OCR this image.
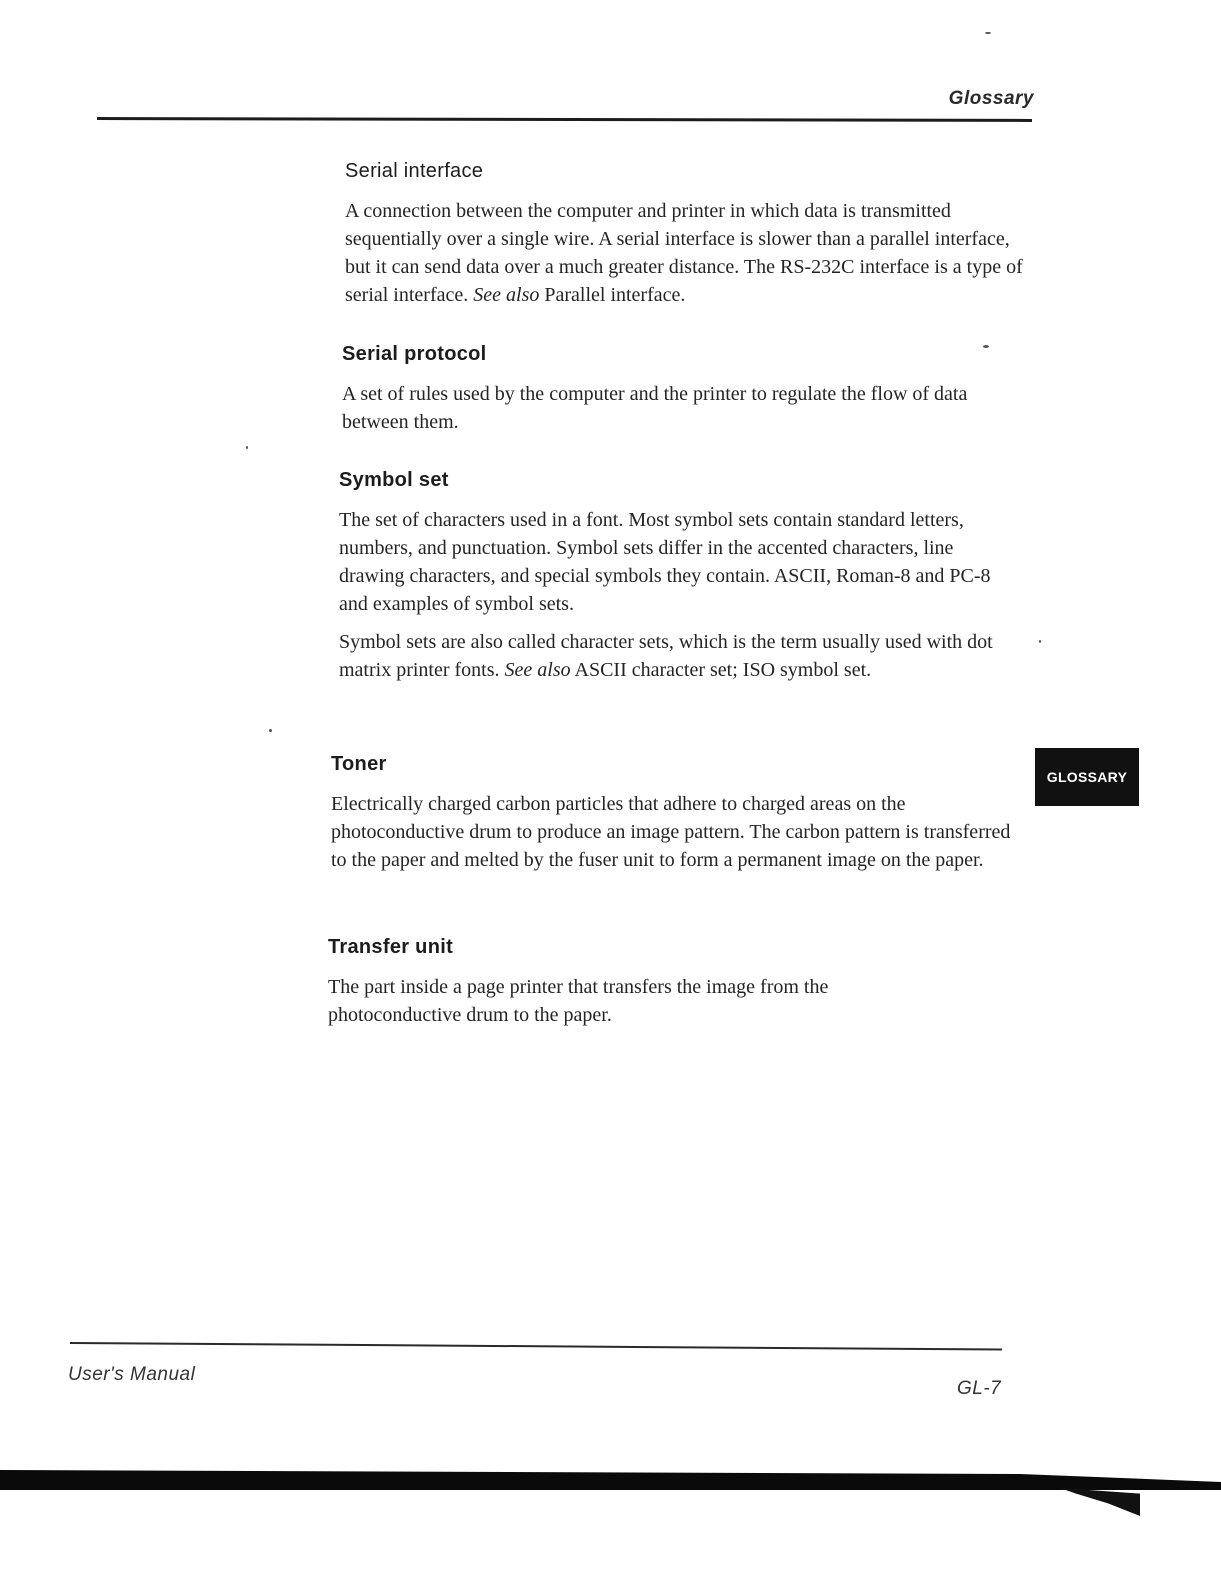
Glossary
Serial interface

A connection between the computer and printer in which data is transmitted sequentially over a single wire. A serial interface is slower than a parallel interface, but it can send data over a much greater distance. The RS-232C interface is a type of serial interface. See also Parallel interface.

Serial protocol

A set of rules used by the computer and the printer to regulate the flow of data between them.

Symbol set

The set of characters used in a font. Most symbol sets contain standard letters, numbers, and punctuation. Symbol sets differ in the accented characters, line drawing characters, and special symbols they contain. ASCII, Roman-8 and PC-8 and examples of symbol sets.

Symbol sets are also called character sets, which is the term usually used with dot matrix printer fonts. See also ASCII character set; ISO symbol set.

Toner

Electrically charged carbon particles that adhere to charged areas on the photoconductive drum to produce an image pattern. The carbon pattern is transferred to the paper and melted by the fuser unit to form a permanent image on the paper.

Transfer unit

The part inside a page printer that transfers the image from the photoconductive drum to the paper.

GLOSSARY
User's Manual
GL-7
